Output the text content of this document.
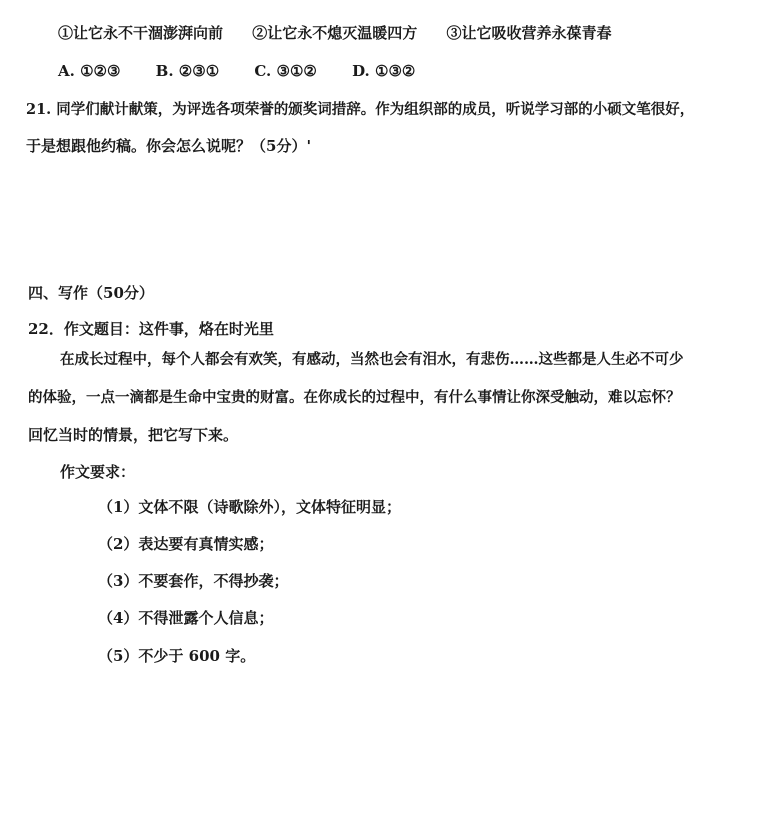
①让它永不干涸澎湃向前 ②让它永不熄灭温暖四方 ③让它吸收营养永葆青春
A. ①②③ B. ②③① C. ③①② D. ①③②
21. 同学们献计献策，为评选各项荣誉的颁奖词措辞。作为组织部的成员，听说学习部的小硕文笔很好，
于是想跟他约稿。你会怎么说呢？（5分）'
四、写作（50分）
22．作文题目：这件事，烙在时光里
在成长过程中，每个人都会有欢笑，有感动，当然也会有泪水，有悲伤……这些都是人生必不可少
的体验，一点一滴都是生命中宝贵的财富。在你成长的过程中，有什么事情让你深受触动，难以忘怀？
回忆当时的情景，把它写下来。
作文要求：
（1）文体不限（诗歌除外），文体特征明显；
（2）表达要有真情实感；
（3）不要套作，不得抄袭；
（4）不得泄露个人信息；
（5）不少于 600 字。
